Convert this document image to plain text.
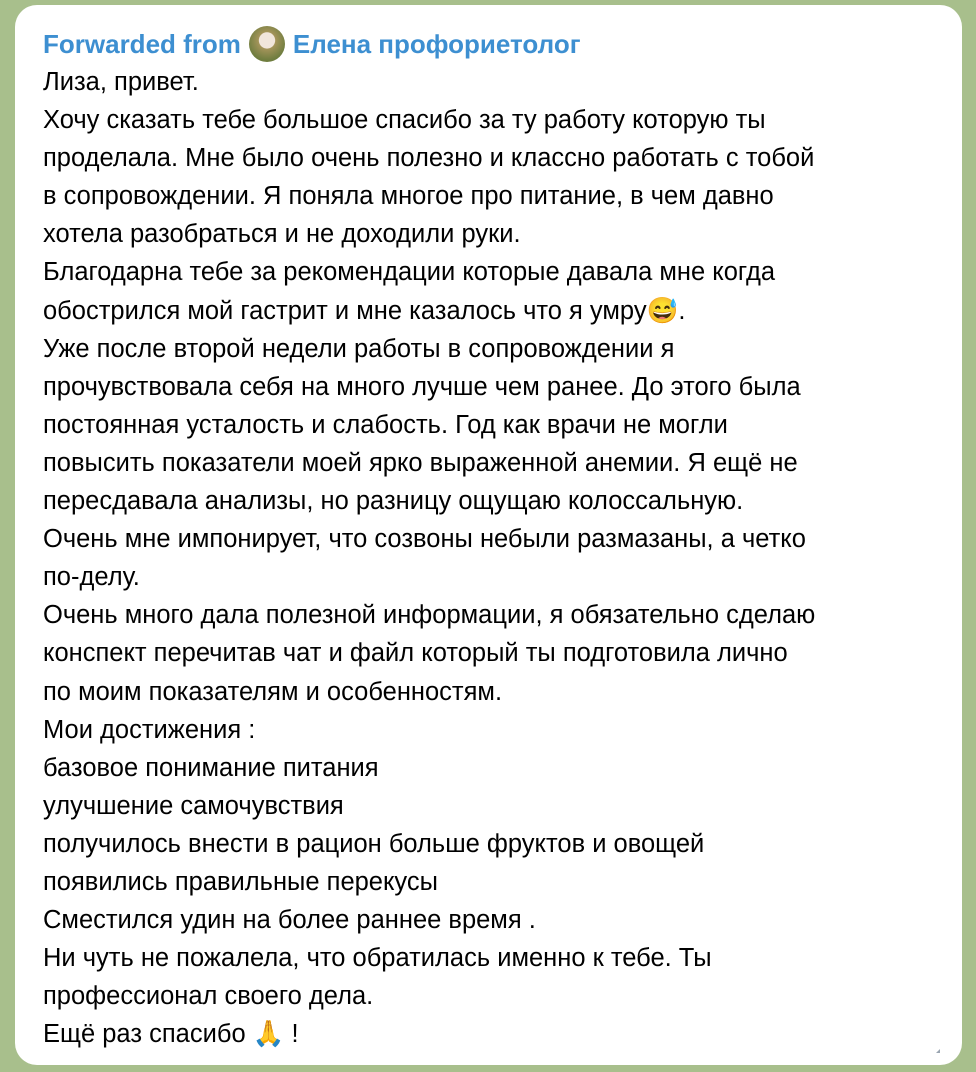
Forwarded from Елена профориетолог
Лиза, привет.
Хочу сказать тебе большое спасибо за ту работу которую ты
проделала. Мне было очень полезно и классно работать с тобой
в сопровождении. Я поняла многое про питание, в чем давно
хотела разобраться и не доходили руки.
Благодарна тебе за рекомендации которые давала мне когда
обострился мой гастрит и мне казалось что я умру😅.
Уже после второй недели работы в сопровождении я
прочувствовала себя на много лучше чем ранее. До этого была
постоянная усталость и слабость. Год как врачи не могли
повысить показатели моей ярко выраженной анемии. Я ещё не
пересдавала анализы, но разницу ощущаю колоссальную.
Очень мне импонирует, что созвоны небыли размазаны, а четко
по-делу.
Очень много дала полезной информации, я обязательно сделаю
конспект перечитав чат и файл который ты подготовила лично
по моим показателям и особенностям.
Мои достижения :
базовое понимание питания
улучшение самочувствия
получилось внести в рацион больше фруктов и овощей
появились правильные перекусы
Сместился удин на более раннее время .
Ни чуть не пожалела, что обратилась именно к тебе. Ты
профессионал своего дела.
Ещё раз спасибо 🙏 !
